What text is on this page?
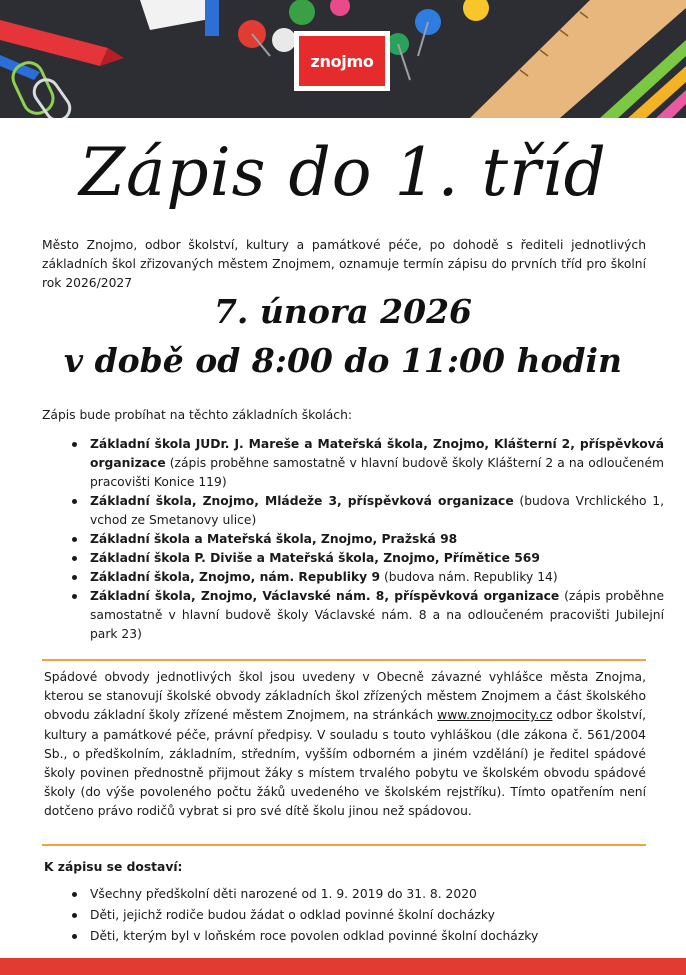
znojmo
Zápis do 1. tříd

Město Znojmo, odbor školství, kultury a památkové péče, po dohodě s řediteli jednotlivých základních škol zřizovaných městem Znojmem, oznamuje termín zápisu do prvních tříd pro školní rok 2026/2027

7. února 2026
v době od 8:00 do 11:00 hodin

Zápis bude probíhat na těchto základních školách:

Základní škola JUDr. J. Mareše a Mateřská škola, Znojmo, Klášterní 2, příspěvková organizace (zápis proběhne samostatně v hlavní budově školy Klášterní 2 a na odloučeném pracovišti Konice 119)
Základní škola, Znojmo, Mládeže 3, příspěvková organizace (budova Vrchlického 1, vchod ze Smetanovy ulice)
Základní škola a Mateřská škola, Znojmo, Pražská 98
Základní škola P. Diviše a Mateřská škola, Znojmo, Přímětice 569
Základní škola, Znojmo, nám. Republiky 9 (budova nám. Republiky 14)
Základní škola, Znojmo, Václavské nám. 8, příspěvková organizace (zápis proběhne samostatně v hlavní budově školy Václavské nám. 8 a na odloučeném pracovišti Jubilejní park 23)

Spádové obvody jednotlivých škol jsou uvedeny v Obecně závazné vyhlášce města Znojma, kterou se stanovují školské obvody základních škol zřízených městem Znojmem a část školského obvodu základní školy zřízené městem Znojmem, na stránkách www.znojmocity.cz odbor školství, kultury a památkové péče, právní předpisy. V souladu s touto vyhláškou (dle zákona č. 561/2004 Sb., o předškolním, základním, středním, vyšším odborném a jiném vzdělání) je ředitel spádové školy povinen přednostně přijmout žáky s místem trvalého pobytu ve školském obvodu spádové školy (do výše povoleného počtu žáků uvedeného ve školském rejstříku). Tímto opatřením není dotčeno právo rodičů vybrat si pro své dítě školu jinou než spádovou.

K zápisu se dostaví:

Všechny předškolní děti narozené od 1. 9. 2019 do 31. 8. 2020
Děti, jejichž rodiče budou žádat o odklad povinné školní docházky
Děti, kterým byl v loňském roce povolen odklad povinné školní docházky
